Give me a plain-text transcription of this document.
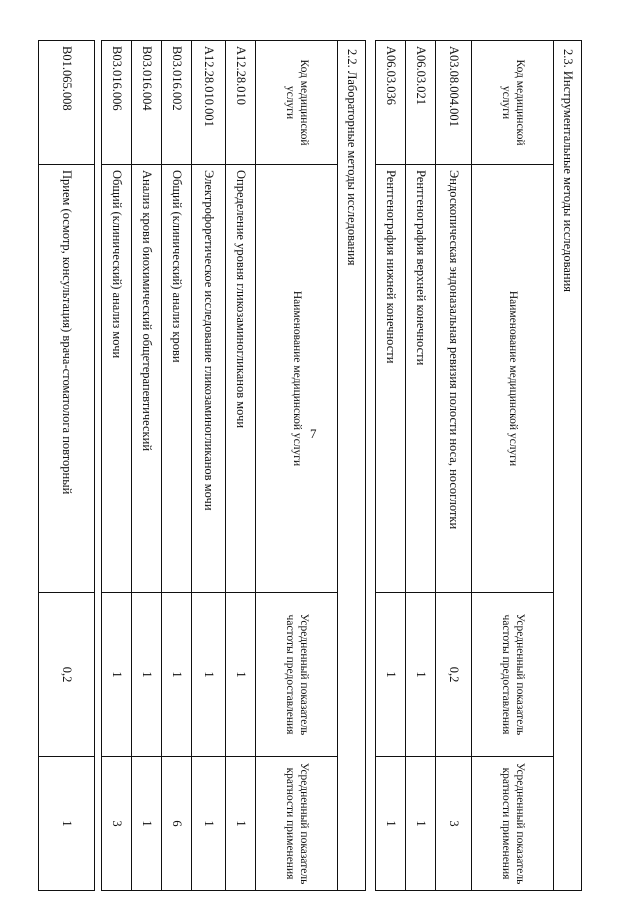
7
B01.065.008	Прием (осмотр, консультация) врача-стоматолога повторный	0,2	1
2.2. Лабораторные методы исследования			
Код медицинской услуги	Наименование медицинской услуги	Усредненный показатель частоты предоставления	Усредненный показатель кратности применения
A12.28.010	Определение уровня гликозаминогликанов мочи	1	1
A12.28.010.001	Электрофоретическое исследование гликозаминогликанов мочи	1	1
B03.016.002	Общий (клинический) анализ крови	1	6
B03.016.004	Анализ крови биохимический общетерапевтический	1	1
B03.016.006	Общий (клинический) анализ мочи	1	3
2.3. Инструментальные методы исследования			
Код медицинской услуги	Наименование медицинской услуги	Усредненный показатель частоты предоставления	Усредненный показатель кратности применения
A03.08.004.001	Эндоскопическая эндоназальная ревизия полости носа, носоглотки	0,2	3
A06.03.021	Рентгенография верхней конечности	1	1
A06.03.036	Рентгенография нижней конечности	1	1
